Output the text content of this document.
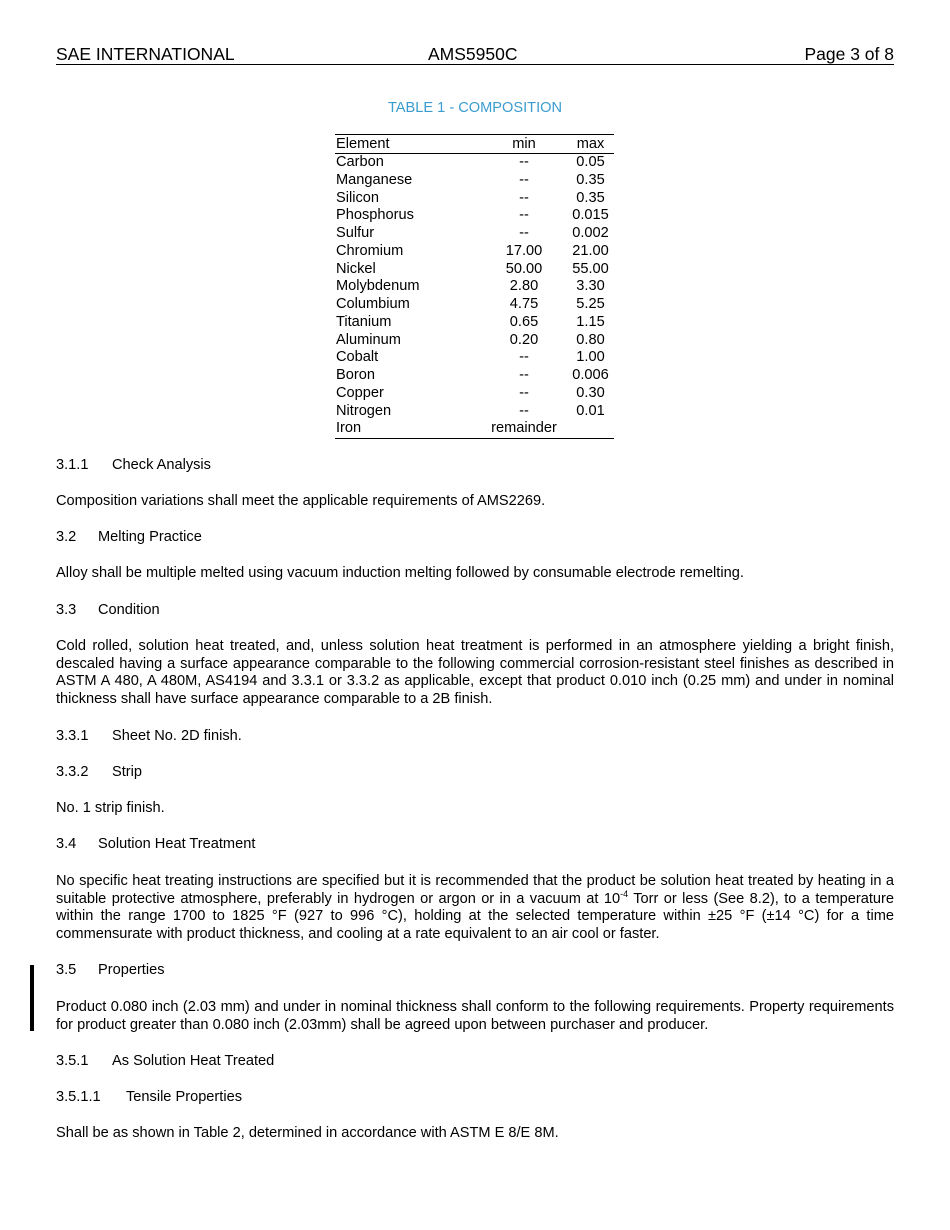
SAE INTERNATIONAL	AMS5950C	Page 3 of 8
TABLE 1 - COMPOSITION
Element	min	max
Carbon	--	0.05
Manganese	--	0.35
Silicon	--	0.35
Phosphorus	--	0.015
Sulfur	--	0.002
Chromium	17.00	21.00
Nickel	50.00	55.00
Molybdenum	2.80	3.30
Columbium	4.75	5.25
Titanium	0.65	1.15
Aluminum	0.20	0.80
Cobalt	--	1.00
Boron	--	0.006
Copper	--	0.30
Nitrogen	--	0.01
Iron	remainder
3.1.1 Check Analysis
Composition variations shall meet the applicable requirements of AMS2269.
3.2 Melting Practice
Alloy shall be multiple melted using vacuum induction melting followed by consumable electrode remelting.
3.3 Condition
Cold rolled, solution heat treated, and, unless solution heat treatment is performed in an atmosphere yielding a bright finish, descaled having a surface appearance comparable to the following commercial corrosion-resistant steel finishes as described in ASTM A 480, A 480M, AS4194 and 3.3.1 or 3.3.2 as applicable, except that product 0.010 inch (0.25 mm) and under in nominal thickness shall have surface appearance comparable to a 2B finish.
3.3.1 Sheet No. 2D finish.
3.3.2 Strip
No. 1 strip finish.
3.4 Solution Heat Treatment
No specific heat treating instructions are specified but it is recommended that the product be solution heat treated by heating in a suitable protective atmosphere, preferably in hydrogen or argon or in a vacuum at $10^{-4}$ Torr or less (See 8.2), to a temperature within the range 1700 to 1825 °F (927 to 996 °C), holding at the selected temperature within ±25 °F (±14 °C) for a time commensurate with product thickness, and cooling at a rate equivalent to an air cool or faster.
3.5 Properties
Product 0.080 inch (2.03 mm) and under in nominal thickness shall conform to the following requirements. Property requirements for product greater than 0.080 inch (2.03mm) shall be agreed upon between purchaser and producer.
3.5.1 As Solution Heat Treated
3.5.1.1 Tensile Properties
Shall be as shown in Table 2, determined in accordance with ASTM E 8/E 8M.
